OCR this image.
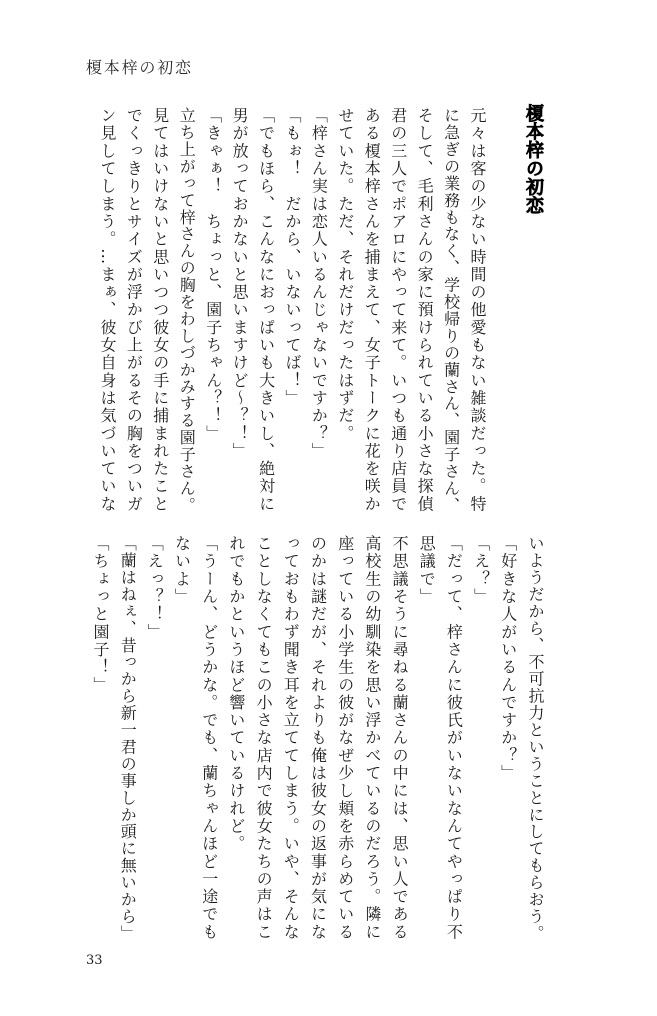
榎本梓の初恋
榎本梓の初恋
元々は客の少ない時間の他愛もない雑談だった。特
に急ぎの業務もなく、学校帰りの蘭さん、園子さん、
そして、毛利さんの家に預けられている小さな探偵
君の三人でポアロにやって来て。いつも通り店員で
ある榎本梓さんを捕まえて、女子トークに花を咲か
せていた。ただ、それだけだったはずだ。
「梓さん実は恋人いるんじゃないですか？」
「もぉ！　だから、いないってば！」
「でもほら、こんなにおっぱいも大きいし、絶対に
男が放っておかないと思いますけど～？！」
「きゃぁ！　ちょっと、園子ちゃん？！」
立ち上がって梓さんの胸をわしづかみする園子さん。
見てはいけないと思いつつ彼女の手に捕まれたこと
でくっきりとサイズが浮かび上がるその胸をついガ
ン見してしまう。…まぁ、彼女自身は気づいていな
いようだから、不可抗力ということにしてもらおう。
「好きな人がいるんですか？」
「え？」
「だって、梓さんに彼氏がいないなんてやっぱり不
思議で」
不思議そうに尋ねる蘭さんの中には、思い人である
高校生の幼馴染を思い浮かべているのだろう。隣に
座っている小学生の彼がなぜ少し頬を赤らめている
のかは謎だが、それよりも俺は彼女の返事が気にな
っておもわず聞き耳を立ててしまう。いや、そんな
ことしなくてもこの小さな店内で彼女たちの声はこ
れでもかというほど響いているけれど。
「うーん、どうかな。でも、蘭ちゃんほど一途でも
ないよ」
「えっ？！」
「蘭はねぇ、昔っから新一君の事しか頭に無いから」
「ちょっと園子！」
33
